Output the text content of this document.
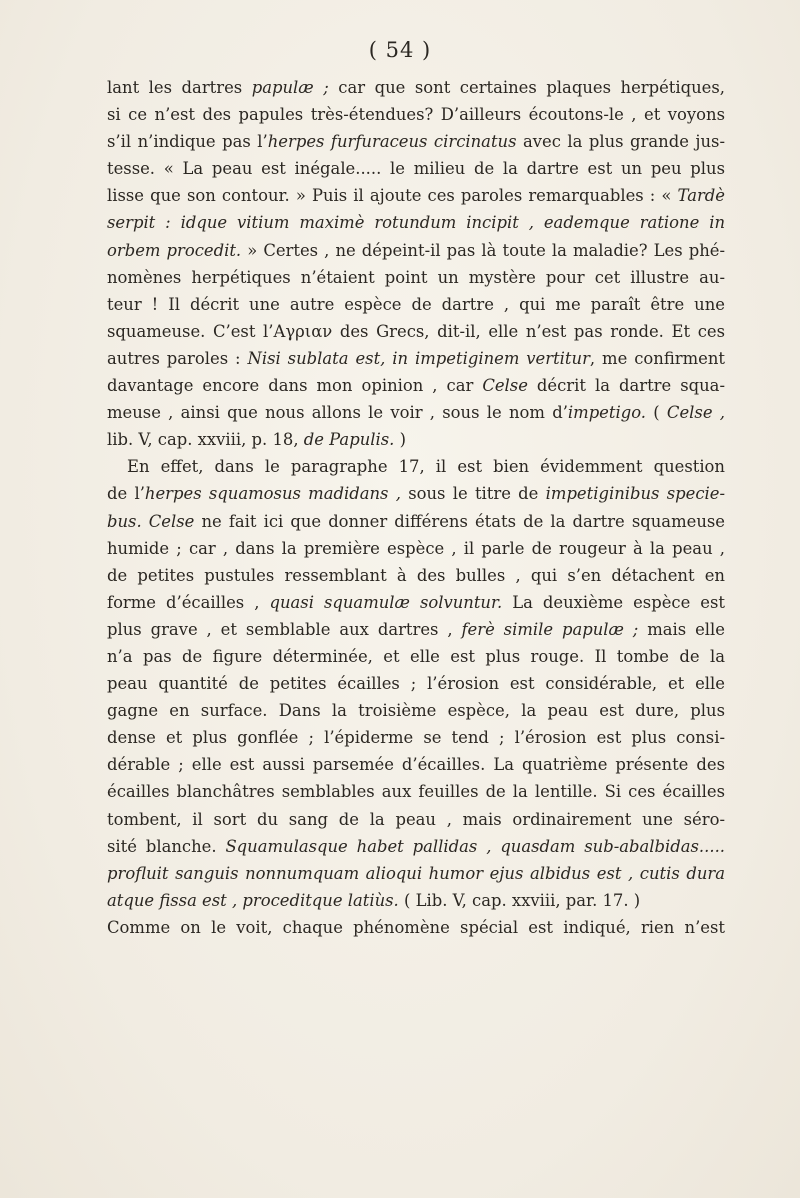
( 54 )
lant les dartres papulæ ; car que sont certaines plaques herpétiques,
si ce n’est des papules très-étendues? D’ailleurs écoutons-le , et voyons
s’il n’indique pas l’herpes furfuraceus circinatus avec la plus grande jus-
tesse. « La peau est inégale..... le milieu de la dartre est un peu plus
lisse que son contour. » Puis il ajoute ces paroles remarquables : « Tardè
serpit : idque vitium maximè rotundum incipit , eademque ratione in
orbem procedit. » Certes , ne dépeint-il pas là toute la maladie? Les phé-
nomènes herpétiques n’étaient point un mystère pour cet illustre au-
teur ! Il décrit une autre espèce de dartre , qui me paraît être une
squameuse. C’est l’Αγριαν des Grecs, dit-il, elle n’est pas ronde. Et ces
autres paroles : Nisi sublata est, in impetiginem vertitur, me confirment
davantage encore dans mon opinion , car Celse décrit la dartre squa-
meuse , ainsi que nous allons le voir , sous le nom d’impetigo. ( Celse ,
lib. V, cap. xxviii, p. 18, de Papulis. )
En effet, dans le paragraphe 17, il est bien évidemment question
de l’herpes squamosus madidans , sous le titre de impetiginibus specie-
bus. Celse ne fait ici que donner différens états de la dartre squameuse
humide ; car , dans la première espèce , il parle de rougeur à la peau ,
de petites pustules ressemblant à des bulles , qui s’en détachent en
forme d’écailles , quasi squamulæ solvuntur. La deuxième espèce est
plus grave , et semblable aux dartres , ferè simile papulæ ; mais elle
n’a pas de figure déterminée, et elle est plus rouge. Il tombe de la
peau quantité de petites écailles ; l’érosion est considérable, et elle
gagne en surface. Dans la troisième espèce, la peau est dure, plus
dense et plus gonflée ; l’épiderme se tend ; l’érosion est plus consi-
dérable ; elle est aussi parsemée d’écailles. La quatrième présente des
écailles blanchâtres semblables aux feuilles de la lentille. Si ces écailles
tombent, il sort du sang de la peau , mais ordinairement une séro-
sité blanche. Squamulasque habet pallidas , quasdam sub-abalbidas.....
profluit sanguis nonnumquam alioqui humor ejus albidus est , cutis dura
atque fissa est , proceditque latiùs. ( Lib. V, cap. xxviii, par. 17. )
Comme on le voit, chaque phénomène spécial est indiqué, rien n’est
